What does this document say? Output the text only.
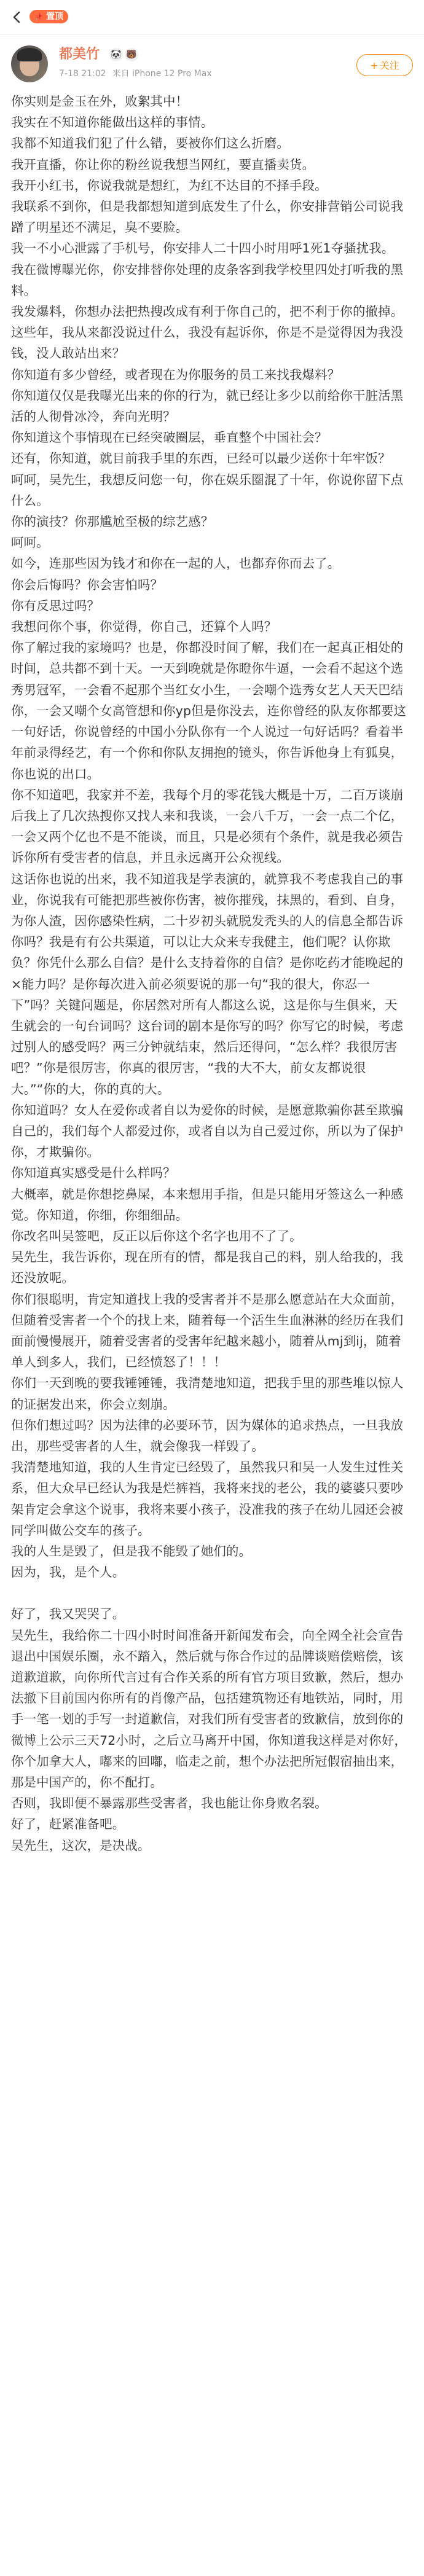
📌 置顶
都美竹 🐼 🐻
7-18 21:02 来自 iPhone 12 Pro Max
+ 关注

你实则是金玉在外，败絮其中！

我实在不知道你能做出这样的事情。

我都不知道我们犯了什么错，要被你们这么折磨。

我开直播，你让你的粉丝说我想当网红，要直播卖货。

我开小红书，你说我就是想红，为红不达目的不择手段。

我联系不到你，但是我都想知道到底发生了什么，你安排营销公司说我蹭了明星还不满足，臭不要脸。

我一不小心泄露了手机号，你安排人二十四小时用呼1死1夺骚扰我。

我在微博曝光你，你安排替你处理的皮条客到我学校里四处打听我的黑料。

我发爆料，你想办法把热搜改成有利于你自己的，把不利于你的撤掉。

这些年，我从来都没说过什么，我没有起诉你，你是不是觉得因为我没钱，没人敢站出来？

你知道有多少曾经，或者现在为你服务的员工来找我爆料？

你知道仅仅是我曝光出来的你的行为，就已经让多少以前给你干脏活黑活的人彻骨冰冷，奔向光明？

你知道这个事情现在已经突破圈层，垂直整个中国社会？

还有，你知道，就目前我手里的东西，已经可以最少送你十年牢饭？

呵呵，吴先生，我想反问您一句，你在娱乐圈混了十年，你说你留下点什么。

你的演技？你那尴尬至极的综艺感？

呵呵。

如今，连那些因为钱才和你在一起的人，也都弃你而去了。

你会后悔吗？你会害怕吗？

你有反思过吗？

我想问你个事，你觉得，你自己，还算个人吗？

你了解过我的家境吗？也是，你都没时间了解，我们在一起真正相处的时间，总共都不到十天。一天到晚就是你瞪你牛逼，一会看不起这个选秀男冠军，一会看不起那个当红女小生，一会嘲个选秀女艺人天天巴结你，一会又嘲个女高管想和你yp但是你没去，连你曾经的队友你都要这一句好话，你说曾经的中国小分队你有一个人说过一句好话吗？看着半年前录得经艺，有一个你和你队友拥抱的镜头，你告诉他身上有狐臭，你也说的出口。

你不知道吧，我家并不差，我每个月的零花钱大概是十万，二百万谈崩后我上了几次热搜你又找人来和我谈，一会八千万，一会一点二个亿，一会又两个亿也不是不能谈，而且，只是必须有个条件，就是我必须告诉你所有受害者的信息，并且永远离开公众视线。

这话你也说的出来，我不知道我是学表演的，就算我不考虑我自己的事业，你说我有可能把那些被你伤害，被你摧残，抹黑的，看到、自身，为你人渣，因你感染性病，二十岁初头就脱发秃头的人的信息全都告诉你吗？我是有有公共渠道，可以让大众来专我健主，他们呢？认你欺负？你凭什么那么自信？是什么支持着你的自信？是你吃药才能晚起的×能力吗？是你每次进入前必须要说的那一句“我的很大，你忍一下”吗？关键问题是，你居然对所有人都这么说，这是你与生俱来，天生就会的一句台词吗？这台词的剧本是你写的吗？你写它的时候，考虑过别人的感受吗？两三分钟就结束，然后还得问，“怎么样？我很厉害吧？”你是很厉害，你真的很厉害，“我的大不大，前女友都说很大。”“你的大，你的真的大。

你知道吗？女人在爱你或者自以为爱你的时候，是愿意欺骗你甚至欺骗自己的，我们每个人都爱过你，或者自以为自己爱过你，所以为了保护你，才欺骗你。

你知道真实感受是什么样吗？

大概率，就是你想挖鼻屎，本来想用手指，但是只能用牙签这么一种感觉。你知道，你细，你细细品。

你改名叫吴签吧，反正以后你这个名字也用不了了。

吴先生，我告诉你，现在所有的情，都是我自己的料，别人给我的，我还没放呢。

你们很聪明，肯定知道找上我的受害者并不是那么愿意站在大众面前，但随着受害者一个个的找上来，随着每一个活生生血淋淋的经历在我们面前慢慢展开，随着受害者的受害年纪越来越小，随着从mj到ij，随着单人到多人，我们，已经愤怒了！！！

你们一天到晚的要我锤锤锤，我清楚地知道，把我手里的那些堆以惊人的证据发出来，你会立刻崩。

但你们想过吗？因为法律的必要环节，因为媒体的追求热点，一旦我放出，那些受害者的人生，就会像我一样毁了。

我清楚地知道，我的人生肯定已经毁了，虽然我只和吴一人发生过性关系，但大众早已经认为我是烂裤裆，我将来找的老公，我的婆婆只要吵架肯定会拿这个说事，我将来要小孩子，没准我的孩子在幼儿园还会被同学叫做公交车的孩子。

我的人生是毁了，但是我不能毁了她们的。

因为，我，是个人。

好了，我又哭哭了。

吴先生，我给你二十四小时时间准备开新闻发布会，向全网全社会宣告退出中国娱乐圈，永不踏入，然后就与你合作过的品牌谈赔偿赔偿，该道歉道歉，向你所代言过有合作关系的所有官方项目致歉，然后，想办法撤下目前国内你所有的肖像产品，包括建筑物还有地铁站，同时，用手一笔一划的手写一封道歉信，对我们所有受害者的致歉信，放到你的微博上公示三天72小时，之后立马离开中国，你知道我这样是对你好，你个加拿大人，嘟来的回嘟，临走之前，想个办法把所冠假宿抽出来，那是中国产的，你不配打。

否则，我即便不暴露那些受害者，我也能让你身败名裂。

好了，赶紧准备吧。

吴先生，这次，是决战。
